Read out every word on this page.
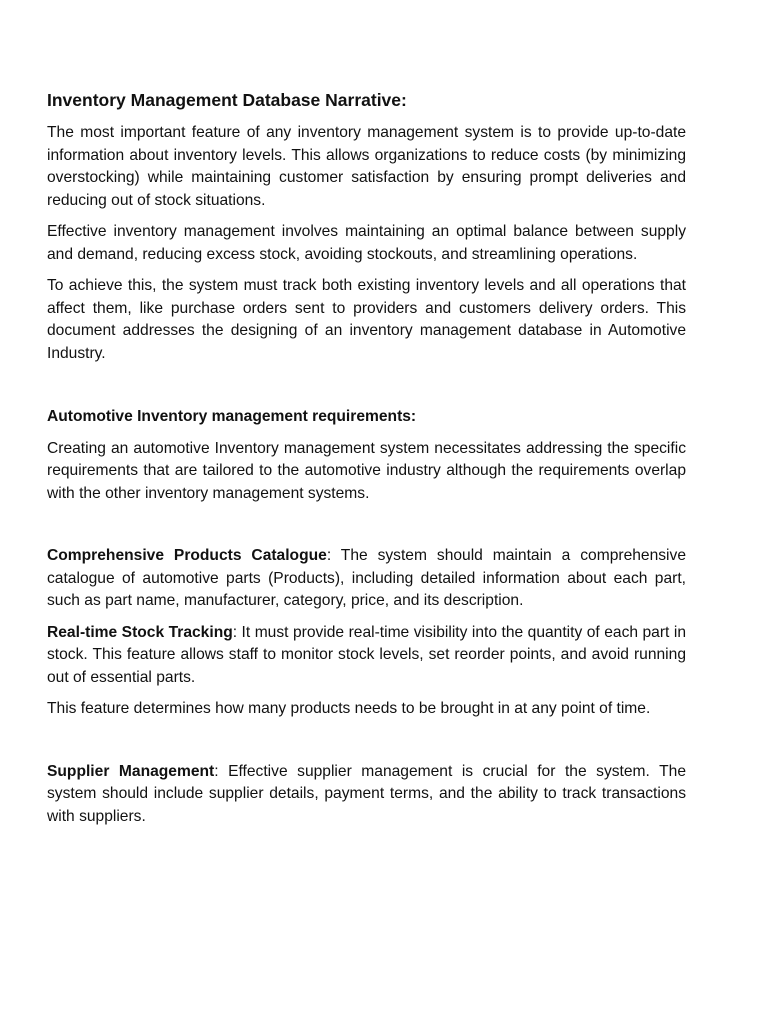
Inventory Management Database Narrative:

The most important feature of any inventory management system is to provide up-to-date information about inventory levels. This allows organizations to reduce costs (by minimizing overstocking) while maintaining customer satisfaction by ensuring prompt deliveries and reducing out of stock situations.

Effective inventory management involves maintaining an optimal balance between supply and demand, reducing excess stock, avoiding stockouts, and streamlining operations.

To achieve this, the system must track both existing inventory levels and all operations that affect them, like purchase orders sent to providers and customers delivery orders. This document addresses the designing of an inventory management database in Automotive Industry.

Automotive Inventory management requirements:

Creating an automotive Inventory management system necessitates addressing the specific requirements that are tailored to the automotive industry although the requirements overlap with the other inventory management systems.

Comprehensive Products Catalogue: The system should maintain a comprehensive catalogue of automotive parts (Products), including detailed information about each part, such as part name, manufacturer, category, price, and its description.

Real-time Stock Tracking: It must provide real-time visibility into the quantity of each part in stock. This feature allows staff to monitor stock levels, set reorder points, and avoid running out of essential parts.

This feature determines how many products needs to be brought in at any point of time.

Supplier Management: Effective supplier management is crucial for the system. The system should include supplier details, payment terms, and the ability to track transactions with suppliers.
